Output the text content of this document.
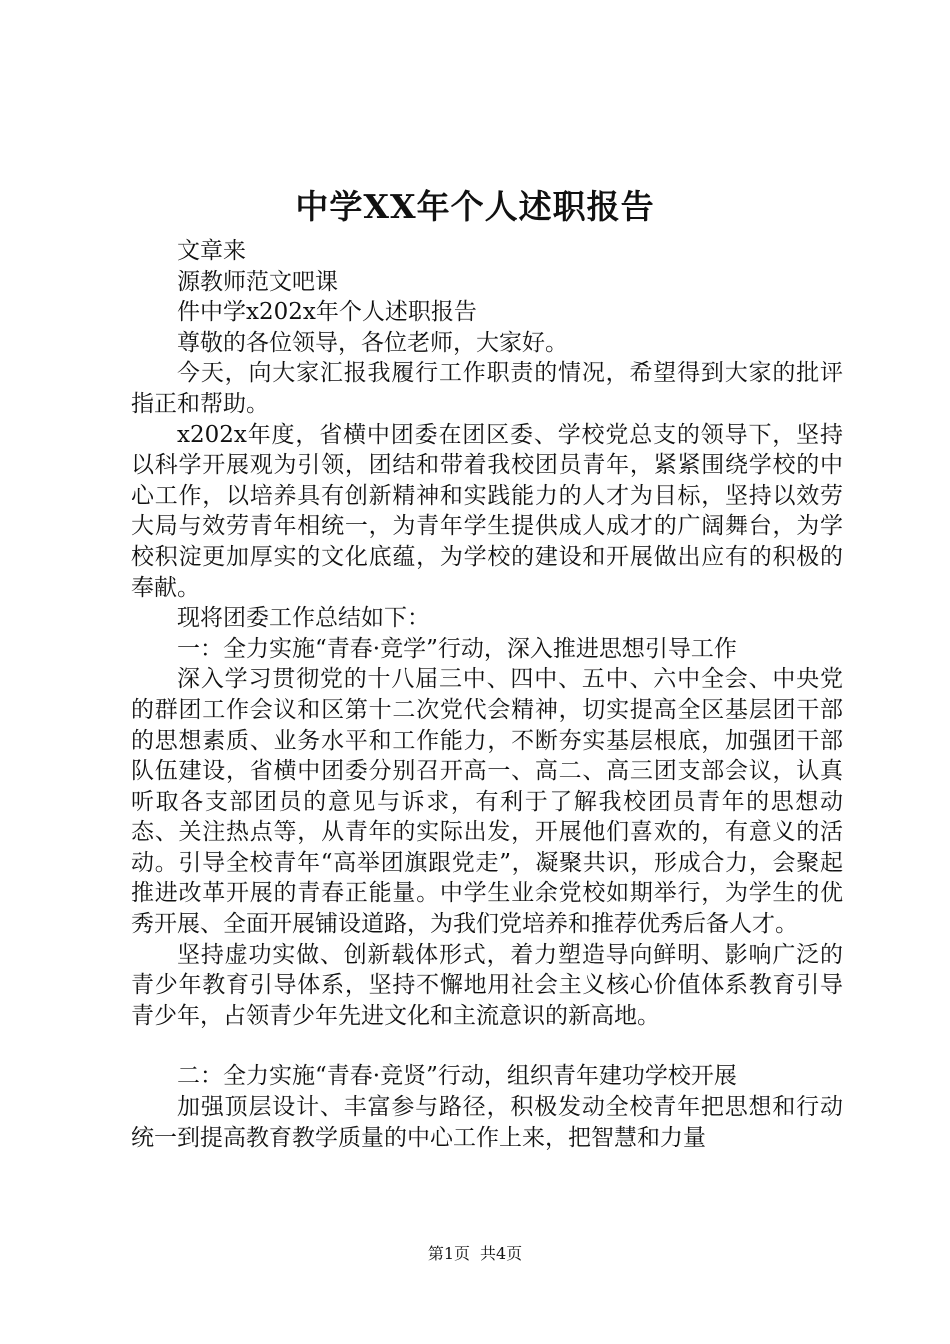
中学XX年个人述职报告

文章来

源教师范文吧课

件中学x202x年个人述职报告

尊敬的各位领导，各位老师，大家好。

今天，向大家汇报我履行工作职责的情况，希望得到大家的批评指正和帮助。

x202x年度，省横中团委在团区委、学校党总支的领导下，坚持以科学开展观为引领，团结和带着我校团员青年，紧紧围绕学校的中心工作，以培养具有创新精神和实践能力的人才为目标，坚持以效劳大局与效劳青年相统一，为青年学生提供成人成才的广阔舞台，为学校积淀更加厚实的文化底蕴，为学校的建设和开展做出应有的积极的奉献。

现将团委工作总结如下：

一：全力实施“青春·竞学”行动，深入推进思想引导工作

深入学习贯彻党的十八届三中、四中、五中、六中全会、中央党的群团工作会议和区第十二次党代会精神，切实提高全区基层团干部的思想素质、业务水平和工作能力，不断夯实基层根底，加强团干部队伍建设，省横中团委分别召开高一、高二、高三团支部会议，认真听取各支部团员的意见与诉求，有利于了解我校团员青年的思想动态、关注热点等，从青年的实际出发，开展他们喜欢的，有意义的活动。引导全校青年“高举团旗跟党走”，凝聚共识，形成合力，会聚起推进改革开展的青春正能量。中学生业余党校如期举行，为学生的优秀开展、全面开展铺设道路，为我们党培养和推荐优秀后备人才。

坚持虚功实做、创新载体形式，着力塑造导向鲜明、影响广泛的青少年教育引导体系，坚持不懈地用社会主义核心价值体系教育引导青少年，占领青少年先进文化和主流意识的新高地。

二：全力实施“青春·竞贤”行动，组织青年建功学校开展

加强顶层设计、丰富参与路径，积极发动全校青年把思想和行动统一到提高教育教学质量的中心工作上来，把智慧和力量

第1页 共4页
